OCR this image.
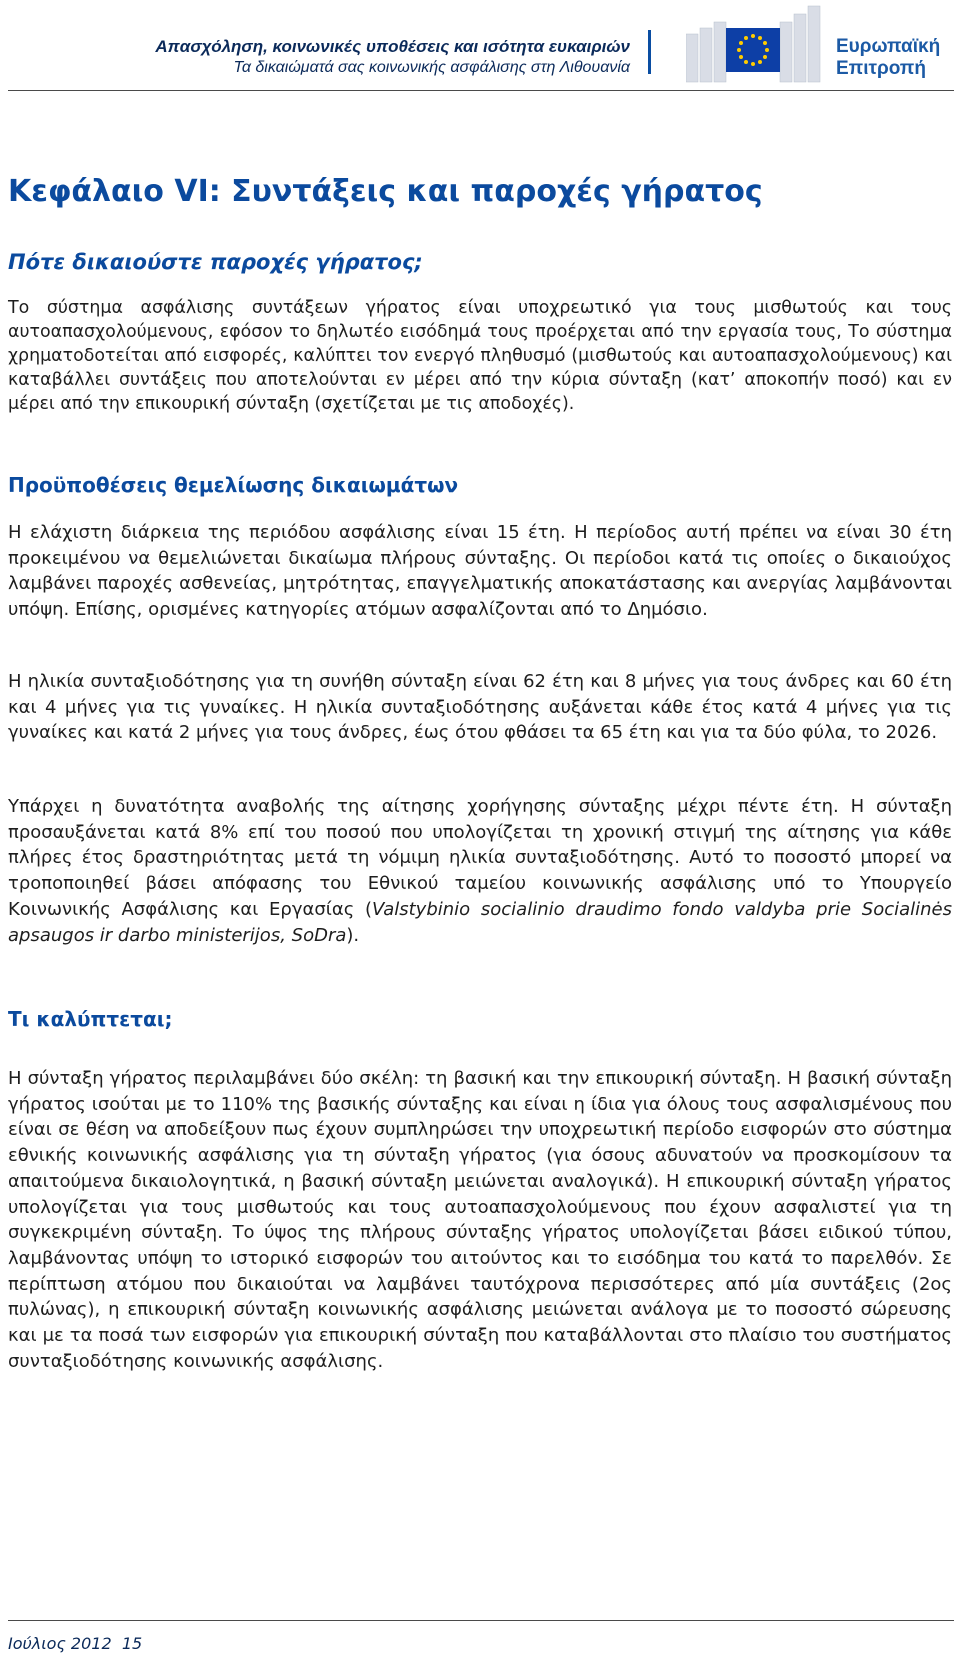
Απασχόληση, κοινωνικές υποθέσεις και ισότητα ευκαιριών
Τα δικαιώματά σας κοινωνικής ασφάλισης στη Λιθουανία
Ευρωπαϊκή
Επιτροπή
Κεφάλαιο VI: Συντάξεις και παροχές γήρατος
Πότε δικαιούστε παροχές γήρατος;

Το σύστημα ασφάλισης συντάξεων γήρατος είναι υποχρεωτικό για τους μισθωτούς και τους αυτοαπασχολούμενους, εφόσον το δηλωτέο εισόδημά τους προέρχεται από την εργασία τους, Το σύστημα χρηματοδοτείται από εισφορές, καλύπτει τον ενεργό πληθυσμό (μισθωτούς και αυτοαπασχολούμενους) και καταβάλλει συντάξεις που αποτελούνται εν μέρει από την κύρια σύνταξη (κατ’ αποκοπήν ποσό) και εν μέρει από την επικουρική σύνταξη (σχετίζεται με τις αποδοχές).

Προϋποθέσεις θεμελίωσης δικαιωμάτων

Η ελάχιστη διάρκεια της περιόδου ασφάλισης είναι 15 έτη. Η περίοδος αυτή πρέπει να είναι 30 έτη προκειμένου να θεμελιώνεται δικαίωμα πλήρους σύνταξης. Οι περίοδοι κατά τις οποίες ο δικαιούχος λαμβάνει παροχές ασθενείας, μητρότητας, επαγγελματικής αποκατάστασης και ανεργίας λαμβάνονται υπόψη. Επίσης, ορισμένες κατηγορίες ατόμων ασφαλίζονται από το Δημόσιο.

Η ηλικία συνταξιοδότησης για τη συνήθη σύνταξη είναι 62 έτη και 8 μήνες για τους άνδρες και 60 έτη και 4 μήνες για τις γυναίκες. Η ηλικία συνταξιοδότησης αυξάνεται κάθε έτος κατά 4 μήνες για τις γυναίκες και κατά 2 μήνες για τους άνδρες, έως ότου φθάσει τα 65 έτη και για τα δύο φύλα, το 2026.

Υπάρχει η δυνατότητα αναβολής της αίτησης χορήγησης σύνταξης μέχρι πέντε έτη. Η σύνταξη προσαυξάνεται κατά 8% επί του ποσού που υπολογίζεται τη χρονική στιγμή της αίτησης για κάθε πλήρες έτος δραστηριότητας μετά τη νόμιμη ηλικία συνταξιοδότησης. Αυτό το ποσοστό μπορεί να τροποποιηθεί βάσει απόφασης του Εθνικού ταμείου κοινωνικής ασφάλισης υπό το Υπουργείο Κοινωνικής Ασφάλισης και Εργασίας (Valstybinio socialinio draudimo fondo valdyba prie Socialinės apsaugos ir darbo ministerijos, SoDra).

Τι καλύπτεται;

Η σύνταξη γήρατος περιλαμβάνει δύο σκέλη: τη βασική και την επικουρική σύνταξη. Η βασική σύνταξη γήρατος ισούται με το 110% της βασικής σύνταξης και είναι η ίδια για όλους τους ασφαλισμένους που είναι σε θέση να αποδείξουν πως έχουν συμπληρώσει την υποχρεωτική περίοδο εισφορών στο σύστημα εθνικής κοινωνικής ασφάλισης για τη σύνταξη γήρατος (για όσους αδυνατούν να προσκομίσουν τα απαιτούμενα δικαιολογητικά, η βασική σύνταξη μειώνεται αναλογικά). Η επικουρική σύνταξη γήρατος υπολογίζεται για τους μισθωτούς και τους αυτοαπασχολούμενους που έχουν ασφαλιστεί για τη συγκεκριμένη σύνταξη. Το ύψος της πλήρους σύνταξης γήρατος υπολογίζεται βάσει ειδικού τύπου, λαμβάνοντας υπόψη το ιστορικό εισφορών του αιτούντος και το εισόδημα του κατά το παρελθόν. Σε περίπτωση ατόμου που δικαιούται να λαμβάνει ταυτόχρονα περισσότερες από μία συντάξεις (2ος πυλώνας), η επικουρική σύνταξη κοινωνικής ασφάλισης μειώνεται ανάλογα με το ποσοστό σώρευσης και με τα ποσά των εισφορών για επικουρική σύνταξη που καταβάλλονται στο πλαίσιο του συστήματος συνταξιοδότησης κοινωνικής ασφάλισης.

Ιούλιος 2012 15
